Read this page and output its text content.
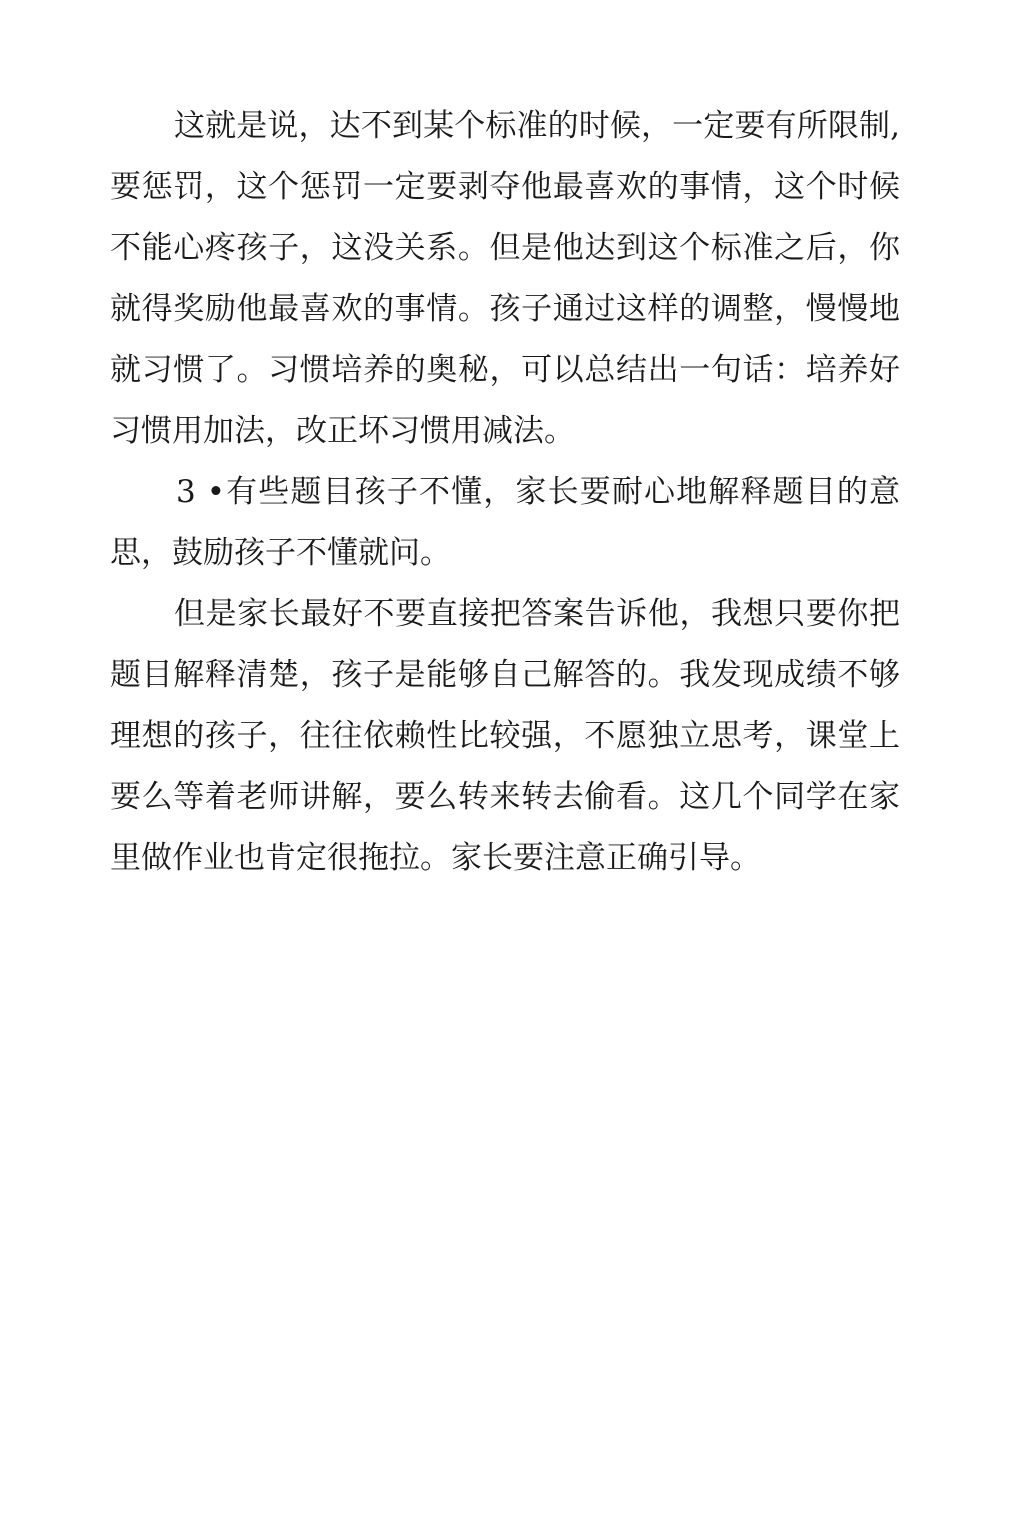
这就是说，达不到某个标准的时候，一定要有所限制,要惩罚，这个惩罚一定要剥夺他最喜欢的事情，这个时候不能心疼孩子，这没关系。但是他达到这个标准之后，你就得奖励他最喜欢的事情。孩子通过这样的调整，慢慢地就习惯了。习惯培养的奥秘，可以总结出一句话：培养好习惯用加法，改正坏习惯用减法。

3 •有些题目孩子不懂，家长要耐心地解释题目的意思，鼓励孩子不懂就问。

但是家长最好不要直接把答案告诉他，我想只要你把题目解释清楚，孩子是能够自己解答的。我发现成绩不够理想的孩子，往往依赖性比较强，不愿独立思考，课堂上要么等着老师讲解，要么转来转去偷看。这几个同学在家里做作业也肯定很拖拉。家长要注意正确引导。
